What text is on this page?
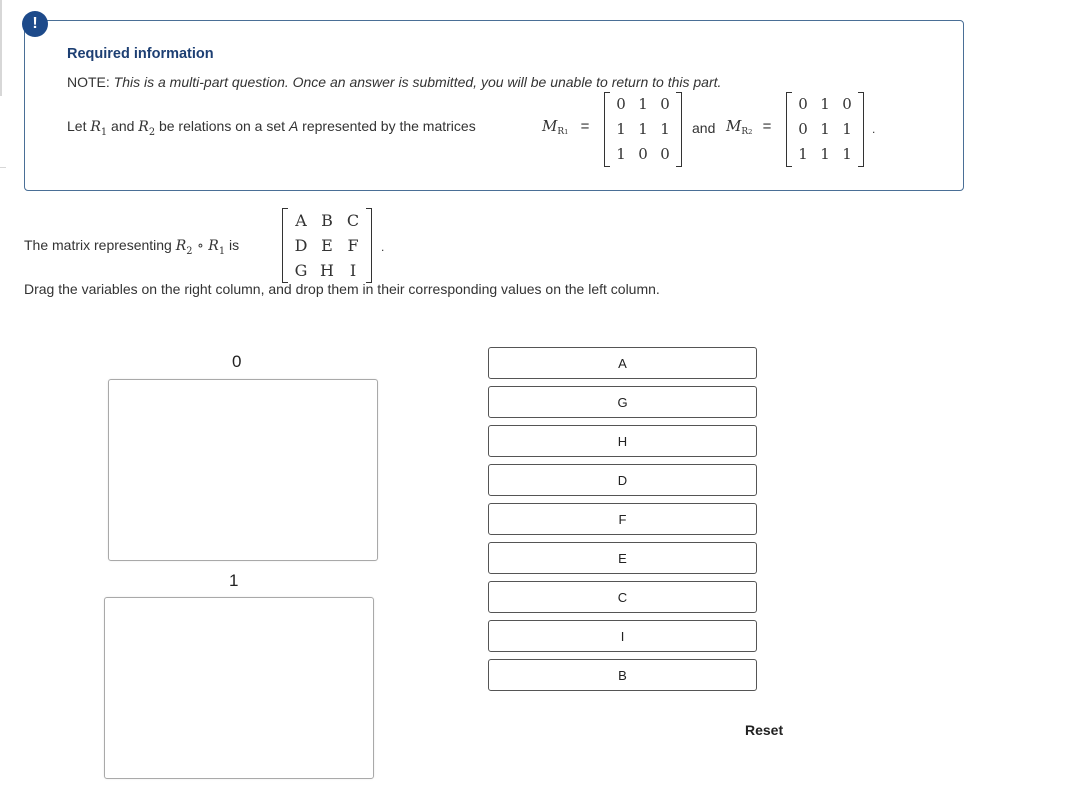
!
Required information
NOTE: This is a multi-part question. Once an answer is submitted, you will be unable to return to this part.
Let $R_1$ and $R_2$ be relations on a set A represented by the matrices	$M_{R1}$ =
0 1 0
1 1 1
1 0 0
and $M_{R2}$ =
0 1 0
0 1 1
1 1 1
.
The matrix representing $R_2$ ∘ $R_1$ is
A B C
D E F
G H I
.
Drag the variables on the right column, and drop them in their corresponding values on the left column.
0
1
A
G
H
D
F
E
C
I
B
Reset
